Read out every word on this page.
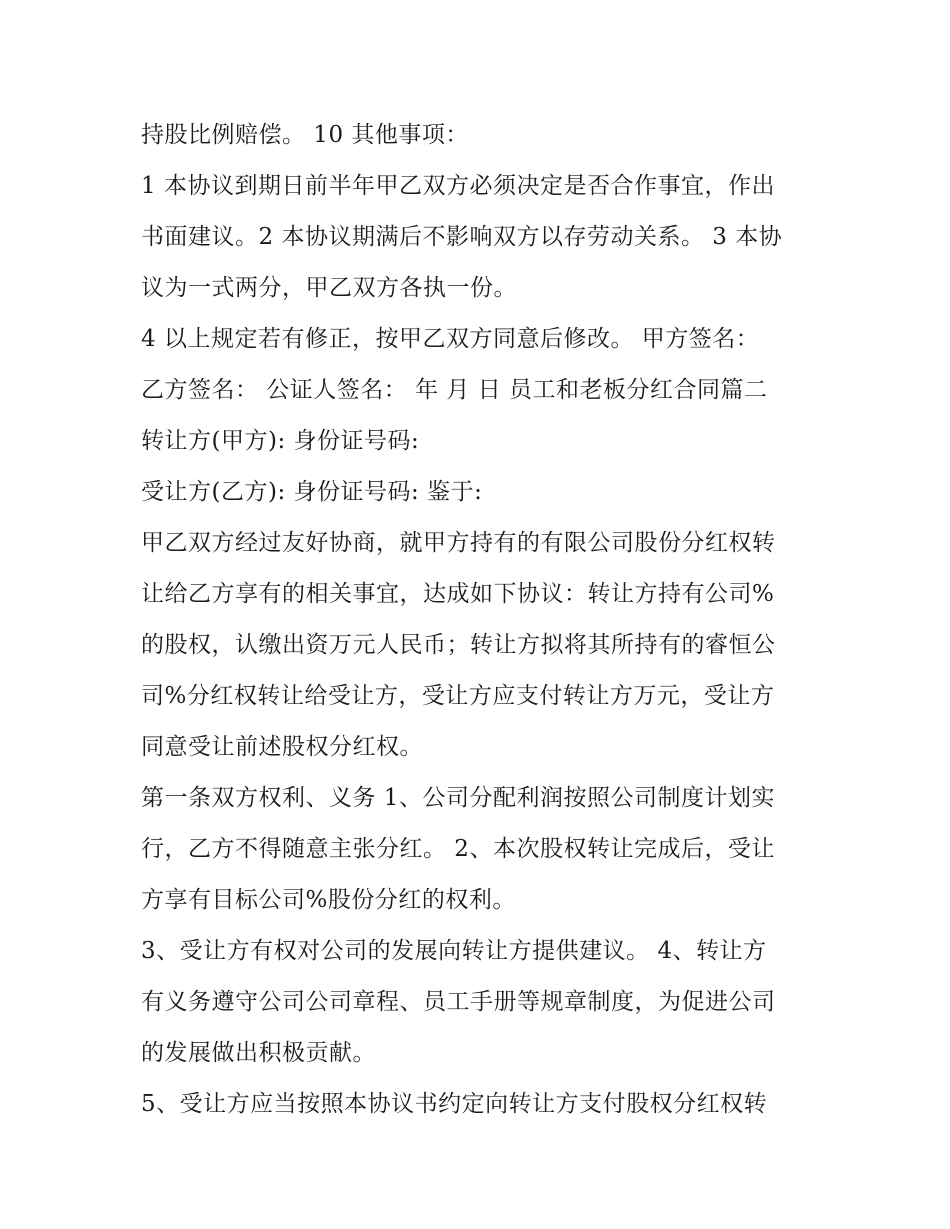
持股比例赔偿。 10 其他事项：
1 本协议到期日前半年甲乙双方必须决定是否合作事宜，作出
书面建议。2 本协议期满后不影响双方以存劳动关系。 3 本协
议为一式两分，甲乙双方各执一份。
4 以上规定若有修正，按甲乙双方同意后修改。 甲方签名：
乙方签名： 公证人签名： 年 月 日 员工和老板分红合同篇二
转让方(甲方): 身份证号码:
受让方(乙方): 身份证号码: 鉴于:
甲乙双方经过友好协商，就甲方持有的有限公司股份分红权转
让给乙方享有的相关事宜，达成如下协议：转让方持有公司%
的股权，认缴出资万元人民币；转让方拟将其所持有的睿恒公
司%分红权转让给受让方，受让方应支付转让方万元，受让方
同意受让前述股权分红权。
第一条双方权利、义务 1、公司分配利润按照公司制度计划实
行，乙方不得随意主张分红。 2、本次股权转让完成后，受让
方享有目标公司%股份分红的权利。
3、受让方有权对公司的发展向转让方提供建议。 4、转让方
有义务遵守公司公司章程、员工手册等规章制度，为促进公司
的发展做出积极贡献。
5、受让方应当按照本协议书约定向转让方支付股权分红权转
